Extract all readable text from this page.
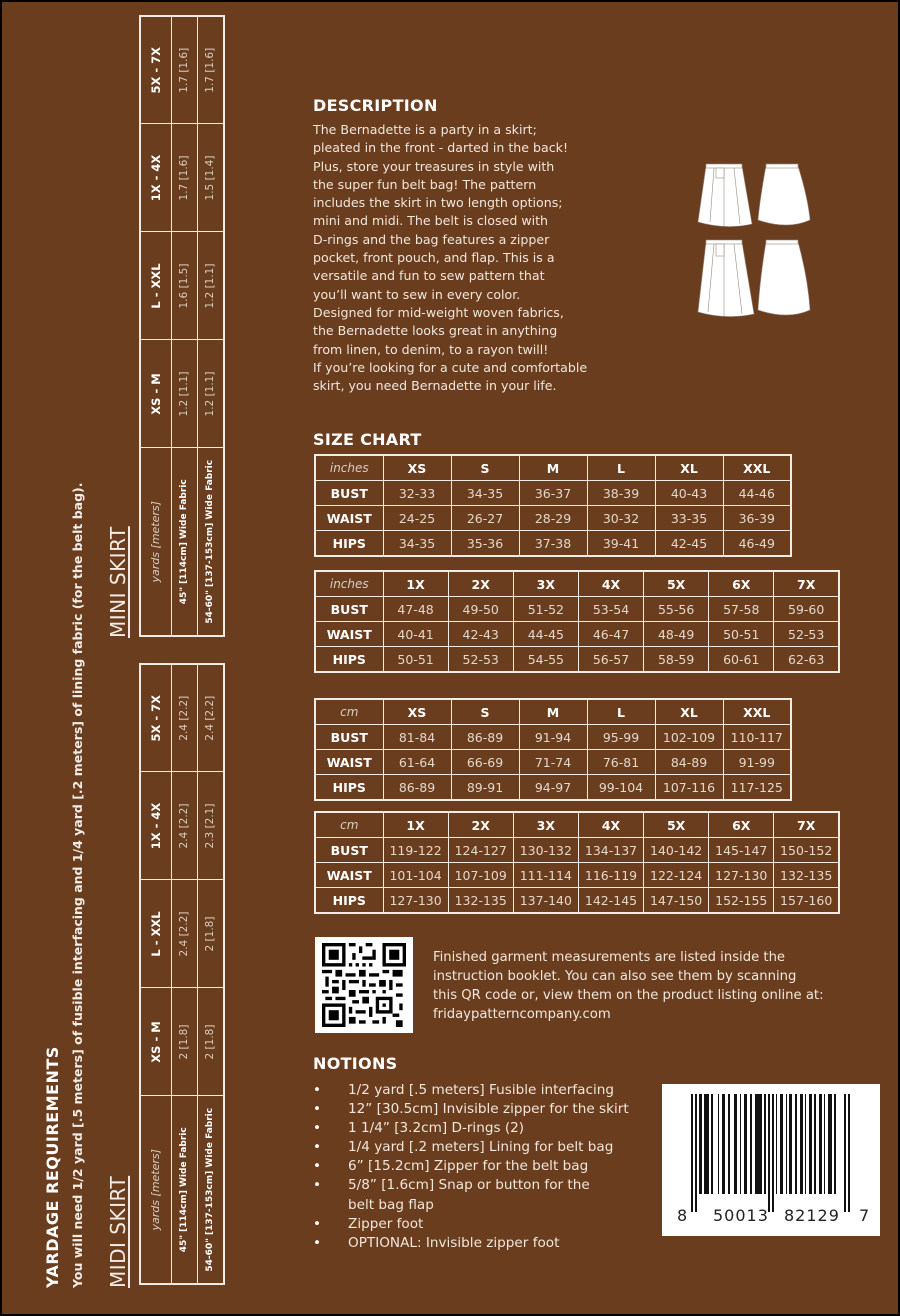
YARDAGE REQUIREMENTS You will need 1/2 yard [.5 meters] of fusible interfacing and 1/4 yard [.2 meters] of lining fabric (for the belt bag). MINI SKIRT
MIDI SKIRT
yards [meters]	XS - M	L - XXL	1X - 4X	5X - 7X
45" [114cm] Wide Fabric	1.2 [1.1]	1.6 [1.5]	1.7 [1.6]	1.7 [1.6]
54-60" [137-153cm] Wide Fabric	1.2 [1.1]	1.2 [1.1]	1.5 [1.4]	1.7 [1.6]
yards [meters]	XS - M	L - XXL	1X - 4X	5X - 7X
45" [114cm] Wide Fabric	2 [1.8]	2.4 [2.2]	2.4 [2.2]	2.4 [2.2]
54-60" [137-153cm] Wide Fabric	2 [1.8]	2 [1.8]	2.3 [2.1]	2.4 [2.2]
DESCRIPTION
The Bernadette is a party in a skirt;
pleated in the front - darted in the back!
Plus, store your treasures in style with
the super fun belt bag! The pattern
includes the skirt in two length options;
mini and midi. The belt is closed with
D-rings and the bag features a zipper
pocket, front pouch, and flap. This is a
versatile and fun to sew pattern that
you’ll want to sew in every color.
Designed for mid-weight woven fabrics,
the Bernadette looks great in anything
from linen, to denim, to a rayon twill!
If you’re looking for a cute and comfortable
skirt, you need Bernadette in your life.
SIZE CHART
inches	XS	S	M	L	XL	XXL
BUST	32-33	34-35	36-37	38-39	40-43	44-46
WAIST	24-25	26-27	28-29	30-32	33-35	36-39
HIPS	34-35	35-36	37-38	39-41	42-45	46-49
inches	1X	2X	3X	4X	5X	6X	7X
BUST	47-48	49-50	51-52	53-54	55-56	57-58	59-60
WAIST	40-41	42-43	44-45	46-47	48-49	50-51	52-53
HIPS	50-51	52-53	54-55	56-57	58-59	60-61	62-63
cm	XS	S	M	L	XL	XXL
BUST	81-84	86-89	91-94	95-99	102-109	110-117
WAIST	61-64	66-69	71-74	76-81	84-89	91-99
HIPS	86-89	89-91	94-97	99-104	107-116	117-125
cm	1X	2X	3X	4X	5X	6X	7X
BUST	119-122	124-127	130-132	134-137	140-142	145-147	150-152
WAIST	101-104	107-109	111-114	116-119	122-124	127-130	132-135
HIPS	127-130	132-135	137-140	142-145	147-150	152-155	157-160
Finished garment measurements are listed inside the
instruction booklet. You can also see them by scanning
this QR code or, view them on the product listing online at:
fridaypatterncompany.com
NOTIONS
• 1/2 yard [.5 meters] Fusible interfacing
• 12” [30.5cm] Invisible zipper for the skirt
• 1 1/4” [3.2cm] D-rings (2)
• 1/4 yard [.2 meters] Lining for belt bag
• 6” [15.2cm] Zipper for the belt bag
• 5/8” [1.6cm] Snap or button for the belt bag flap
• Zipper foot
• OPTIONAL: Invisible zipper foot
8 50013 82129 7
